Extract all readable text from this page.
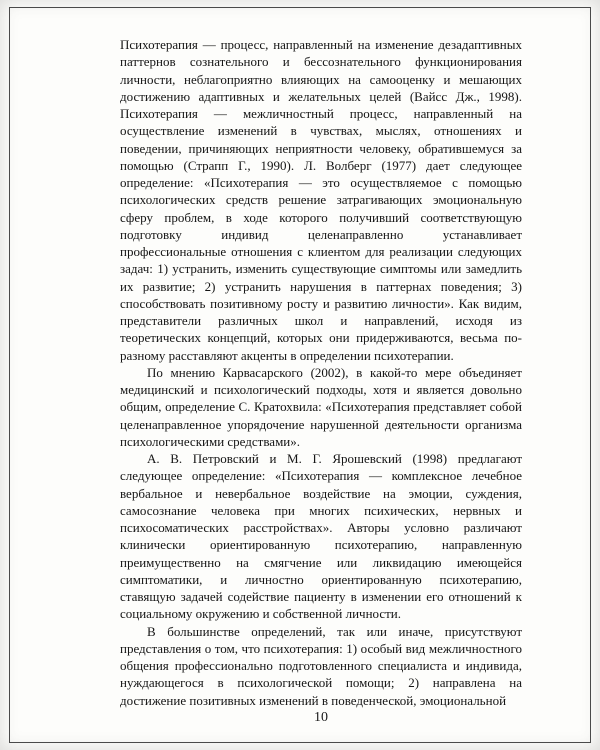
Психотерапия — процесс, направленный на изменение дезадаптивных паттернов сознательного и бессознательного функционирования личности, неблагоприятно влияющих на самооценку и мешающих достижению адаптивных и желательных целей (Вайсс Дж., 1998). Психотерапия — межличностный процесс, направленный на осуществление изменений в чувствах, мыслях, отношениях и поведении, причиняющих неприятности человеку, обратившемуся за помощью (Страпп Г., 1990). Л. Волберг (1977) дает следующее определение: «Психотерапия — это осуществляемое с помощью психологических средств решение затрагивающих эмоциональную сферу проблем, в ходе которого получивший соответствующую подготовку индивид целенаправленно устанавливает профессиональные отношения с клиентом для реализации следующих задач: 1) устранить, изменить существующие симптомы или замедлить их развитие; 2) устранить нарушения в паттернах поведения; 3) способствовать позитивному росту и развитию личности». Как видим, представители различных школ и направлений, исходя из теоретических концепций, которых они придерживаются, весьма по-разному расставляют акценты в определении психотерапии.

По мнению Карвасарского (2002), в какой-то мере объединяет медицинский и психологический подходы, хотя и является довольно общим, определение С. Кратохвила: «Психотерапия представляет собой целенаправленное упорядочение нарушенной деятельности организма психологическими средствами».

А. В. Петровский и М. Г. Ярошевский (1998) предлагают следующее определение: «Психотерапия — комплексное лечебное вербальное и невербальное воздействие на эмоции, суждения, самосознание человека при многих психических, нервных и психосоматических расстройствах». Авторы условно различают клинически ориентированную психотерапию, направленную преимущественно на смягчение или ликвидацию имеющейся симптоматики, и личностно ориентированную психотерапию, ставящую задачей содействие пациенту в изменении его отношений к социальному окружению и собственной личности.

В большинстве определений, так или иначе, присутствуют представления о том, что психотерапия: 1) особый вид межличностного общения профессионально подготовленного специалиста и индивида, нуждающегося в психологической помощи; 2) направлена на достижение позитивных изменений в поведенческой, эмоциональной

10
